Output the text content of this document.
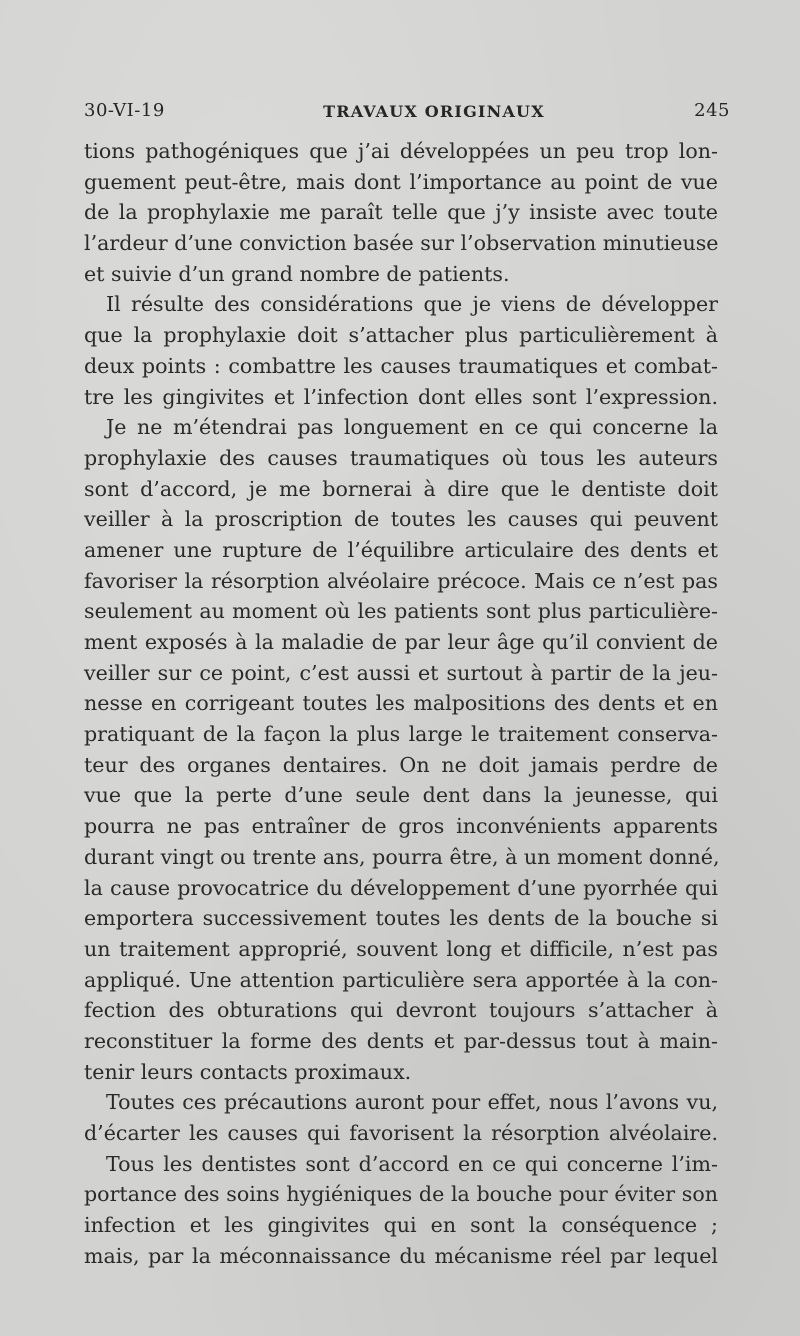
30-VI-19	TRAVAUX ORIGINAUX	245
tions pathogéniques que j’ai développées un peu trop lon-
guement peut-être, mais dont l’importance au point de vue
de la prophylaxie me paraît telle que j’y insiste avec toute
l’ardeur d’une conviction basée sur l’observation minutieuse
et suivie d’un grand nombre de patients.
Il résulte des considérations que je viens de développer
que la prophylaxie doit s’attacher plus particulièrement à
deux points : combattre les causes traumatiques et combat-
tre les gingivites et l’infection dont elles sont l’expression.
Je ne m’étendrai pas longuement en ce qui concerne la
prophylaxie des causes traumatiques où tous les auteurs
sont d’accord, je me bornerai à dire que le dentiste doit
veiller à la proscription de toutes les causes qui peuvent
amener une rupture de l’équilibre articulaire des dents et
favoriser la résorption alvéolaire précoce. Mais ce n’est pas
seulement au moment où les patients sont plus particulière-
ment exposés à la maladie de par leur âge qu’il convient de
veiller sur ce point, c’est aussi et surtout à partir de la jeu-
nesse en corrigeant toutes les malpositions des dents et en
pratiquant de la façon la plus large le traitement conserva-
teur des organes dentaires. On ne doit jamais perdre de
vue que la perte d’une seule dent dans la jeunesse, qui
pourra ne pas entraîner de gros inconvénients apparents
durant vingt ou trente ans, pourra être, à un moment donné,
la cause provocatrice du développement d’une pyorrhée qui
emportera successivement toutes les dents de la bouche si
un traitement approprié, souvent long et difficile, n’est pas
appliqué. Une attention particulière sera apportée à la con-
fection des obturations qui devront toujours s’attacher à
reconstituer la forme des dents et par-dessus tout à main-
tenir leurs contacts proximaux.
Toutes ces précautions auront pour effet, nous l’avons vu,
d’écarter les causes qui favorisent la résorption alvéolaire.
Tous les dentistes sont d’accord en ce qui concerne l’im-
portance des soins hygiéniques de la bouche pour éviter son
infection et les gingivites qui en sont la conséquence ;
mais, par la méconnaissance du mécanisme réel par lequel
